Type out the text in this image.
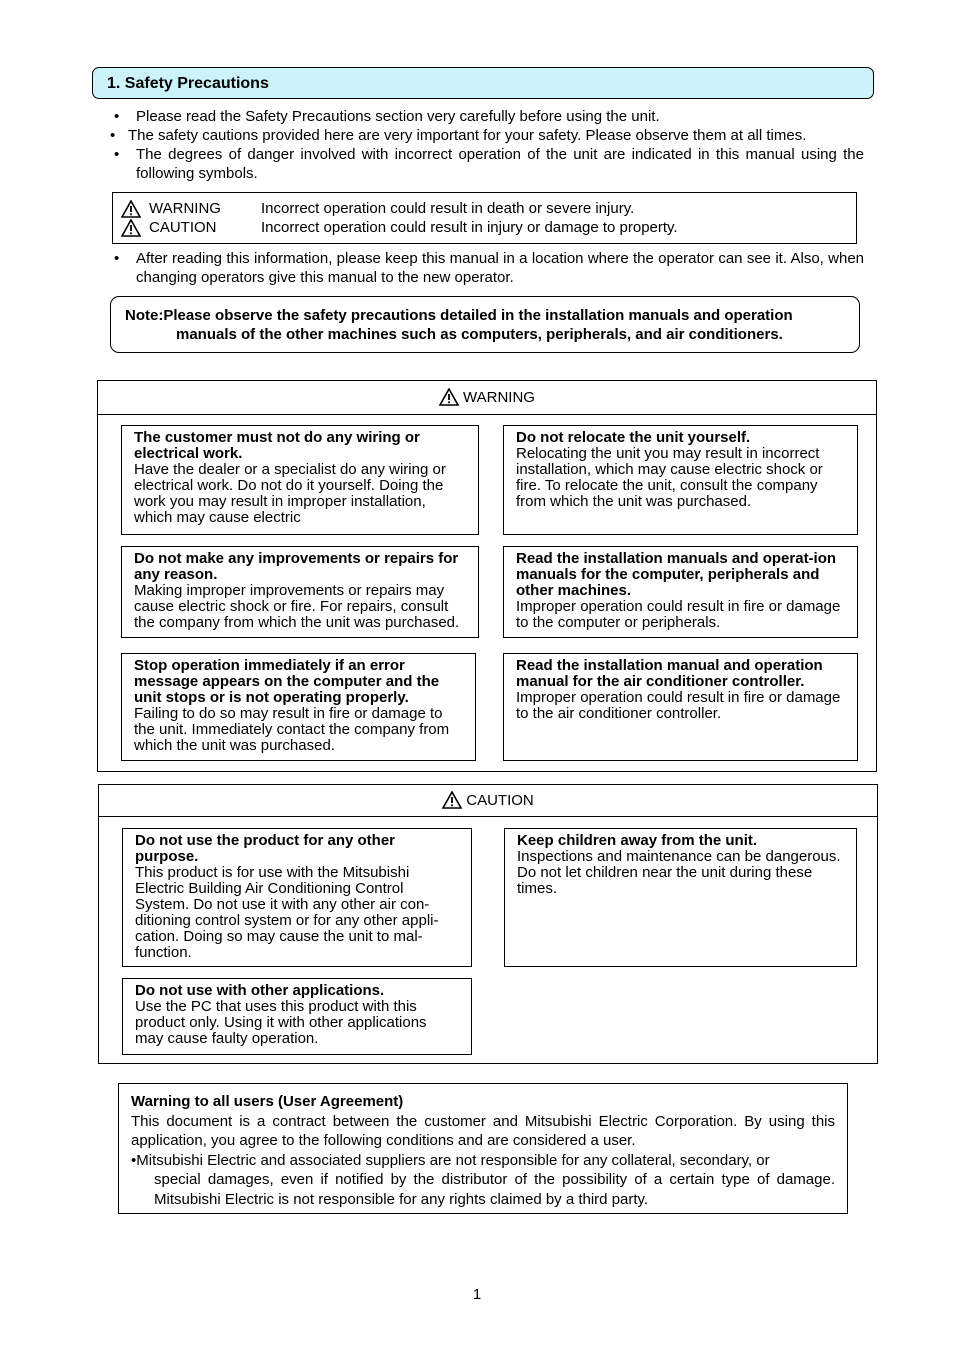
1. Safety Precautions
• Please read the Safety Precautions section very carefully before using the unit.
• The safety cautions provided here are very important for your safety. Please observe them at all times.
• The degrees of danger involved with incorrect operation of the unit are indicated in this manual using the following symbols.
WARNING	Incorrect operation could result in death or severe injury.
CAUTION	Incorrect operation could result in injury or damage to property.
• After reading this information, please keep this manual in a location where the operator can see it. Also, when changing operators give this manual to the new operator.
Note:Please observe the safety precautions detailed in the installation manuals and operation
manuals of the other machines such as computers, peripherals, and air conditioners.
WARNING
The customer must not do any wiring or electrical work.
Have the dealer or a specialist do any wiring or electrical work. Do not do it yourself. Doing the work you may result in improper installation, which may cause electric
Do not relocate the unit yourself.
Relocating the unit you may result in incorrect installation, which may cause electric shock or fire. To relocate the unit, consult the company from which the unit was purchased.
Do not make any improvements or repairs for any reason.
Making improper improvements or repairs may cause electric shock or fire. For repairs, consult the company from which the unit was purchased.
Read the installation manuals and operat-ion manuals for the computer, peripherals and other machines.
Improper operation could result in fire or damage to the computer or peripherals.
Stop operation immediately if an error message appears on the computer and the unit stops or is not operating properly.
Failing to do so may result in fire or damage to the unit. Immediately contact the company from which the unit was purchased.
Read the installation manual and operation manual for the air conditioner controller.
Improper operation could result in fire or damage to the air conditioner controller.
CAUTION
Do not use the product for any other purpose.
This product is for use with the Mitsubishi Electric Building Air Conditioning Control System. Do not use it with any other air con-ditioning control system or for any other appli-cation. Doing so may cause the unit to mal-function.
Keep children away from the unit.
Inspections and maintenance can be dangerous. Do not let children near the unit during these times.
Do not use with other applications.
Use the PC that uses this product with this product only. Using it with other applications may cause faulty operation.
Warning to all users (User Agreement)
This document is a contract between the customer and Mitsubishi Electric Corporation. By using this application, you agree to the following conditions and are considered a user.
•Mitsubishi Electric and associated suppliers are not responsible for any collateral, secondary, or
special damages, even if notified by the distributor of the possibility of a certain type of damage. Mitsubishi Electric is not responsible for any rights claimed by a third party.
1
